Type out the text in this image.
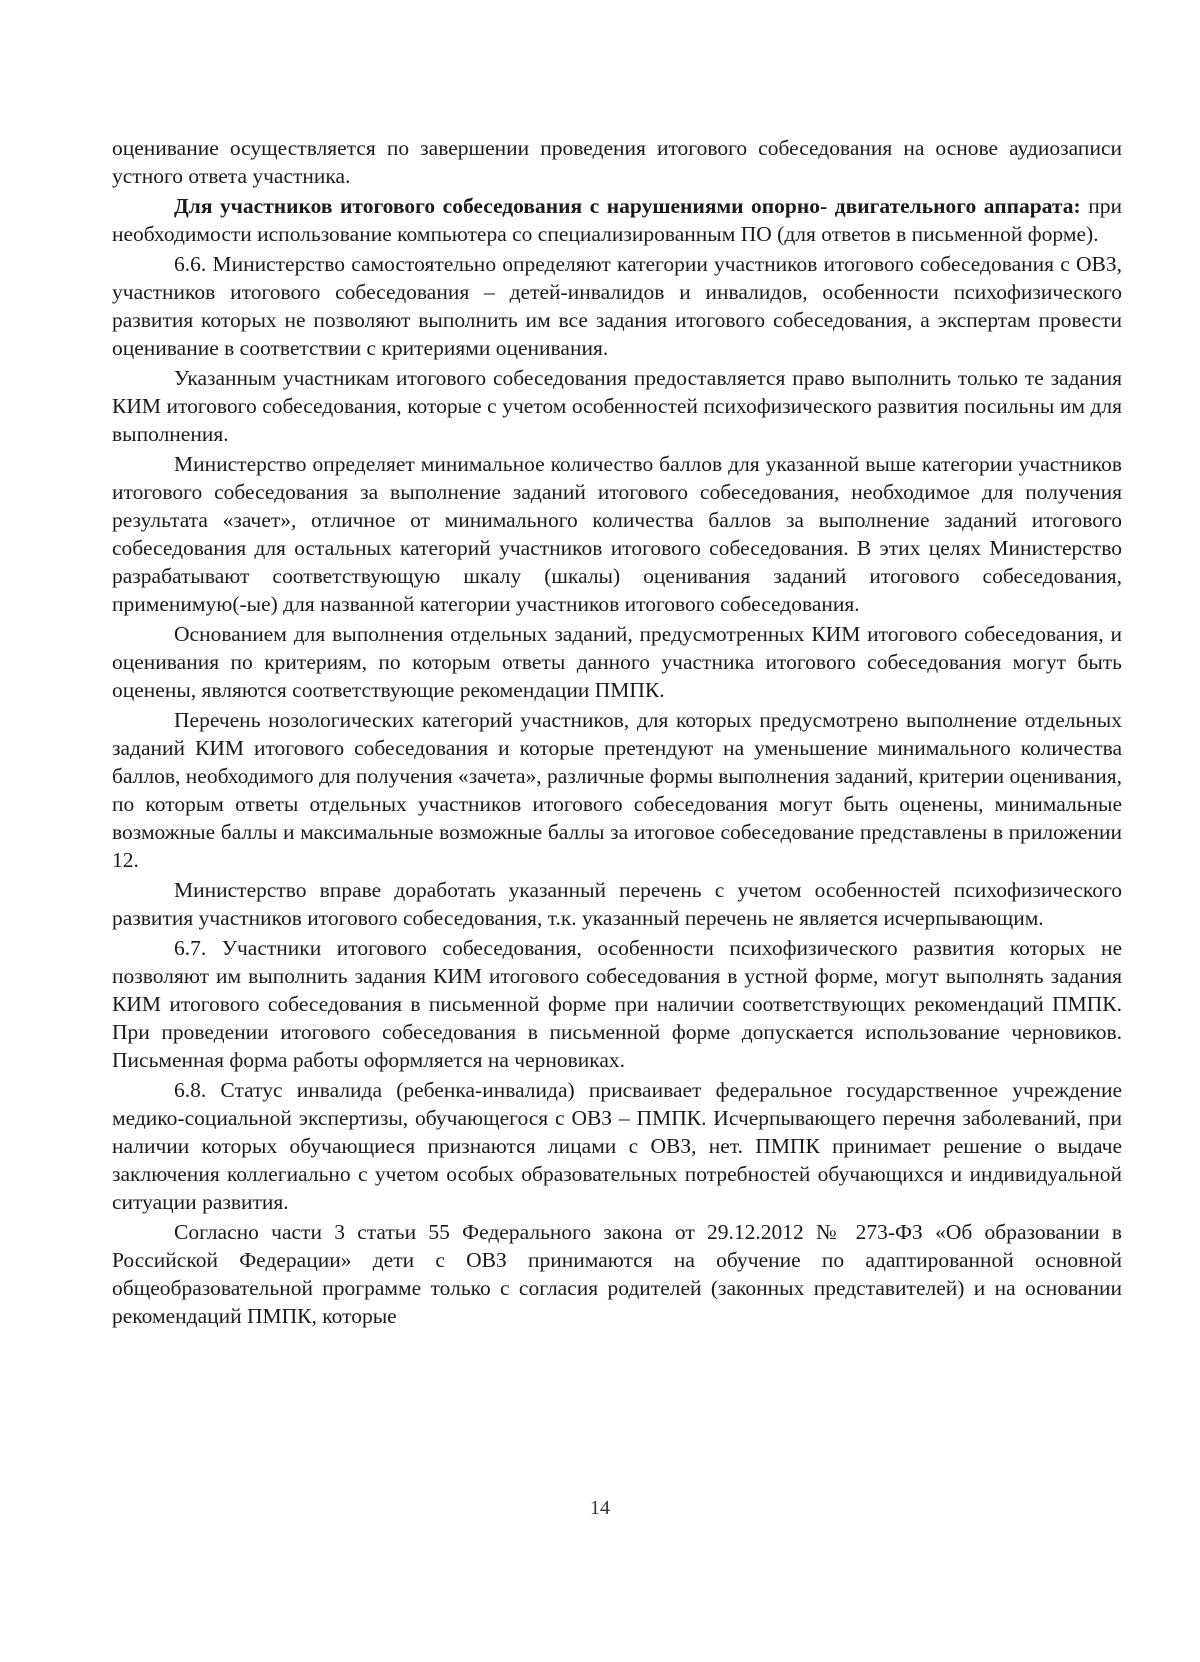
оценивание осуществляется по завершении проведения итогового собеседования на основе аудиозаписи устного ответа участника.

Для участников итогового собеседования с нарушениями опорно- двигательного аппарата: при необходимости использование компьютера со специализированным ПО (для ответов в письменной форме).

6.6. Министерство самостоятельно определяют категории участников итогового собеседования с ОВЗ, участников итогового собеседования – детей-инвалидов и инвалидов, особенности психофизического развития которых не позволяют выполнить им все задания итогового собеседования, а экспертам провести оценивание в соответствии с критериями оценивания.

Указанным участникам итогового собеседования предоставляется право выполнить только те задания КИМ итогового собеседования, которые с учетом особенностей психофизического развития посильны им для выполнения.

Министерство определяет минимальное количество баллов для указанной выше категории участников итогового собеседования за выполнение заданий итогового собеседования, необходимое для получения результата «зачет», отличное от минимального количества баллов за выполнение заданий итогового собеседования для остальных категорий участников итогового собеседования. В этих целях Министерство разрабатывают соответствующую шкалу (шкалы) оценивания заданий итогового собеседования, применимую(-ые) для названной категории участников итогового собеседования.

Основанием для выполнения отдельных заданий, предусмотренных КИМ итогового собеседования, и оценивания по критериям, по которым ответы данного участника итогового собеседования могут быть оценены, являются соответствующие рекомендации ПМПК.

Перечень нозологических категорий участников, для которых предусмотрено выполнение отдельных заданий КИМ итогового собеседования и которые претендуют на уменьшение минимального количества баллов, необходимого для получения «зачета», различные формы выполнения заданий, критерии оценивания, по которым ответы отдельных участников итогового собеседования могут быть оценены, минимальные возможные баллы и максимальные возможные баллы за итоговое собеседование представлены в приложении 12.

Министерство вправе доработать указанный перечень с учетом особенностей психофизического развития участников итогового собеседования, т.к. указанный перечень не является исчерпывающим.

6.7. Участники итогового собеседования, особенности психофизического развития которых не позволяют им выполнить задания КИМ итогового собеседования в устной форме, могут выполнять задания КИМ итогового собеседования в письменной форме при наличии соответствующих рекомендаций ПМПК. При проведении итогового собеседования в письменной форме допускается использование черновиков. Письменная форма работы оформляется на черновиках.

6.8. Статус инвалида (ребенка-инвалида) присваивает федеральное государственное учреждение медико-социальной экспертизы, обучающегося с ОВЗ – ПМПК. Исчерпывающего перечня заболеваний, при наличии которых обучающиеся признаются лицами с ОВЗ, нет. ПМПК принимает решение о выдаче заключения коллегиально с учетом особых образовательных потребностей обучающихся и индивидуальной ситуации развития.

Согласно части 3 статьи 55 Федерального закона от 29.12.2012 № 273-ФЗ «Об образовании в Российской Федерации» дети с ОВЗ принимаются на обучение по адаптированной основной общеобразовательной программе только с согласия родителей (законных представителей) и на основании рекомендаций ПМПК, которые

14
